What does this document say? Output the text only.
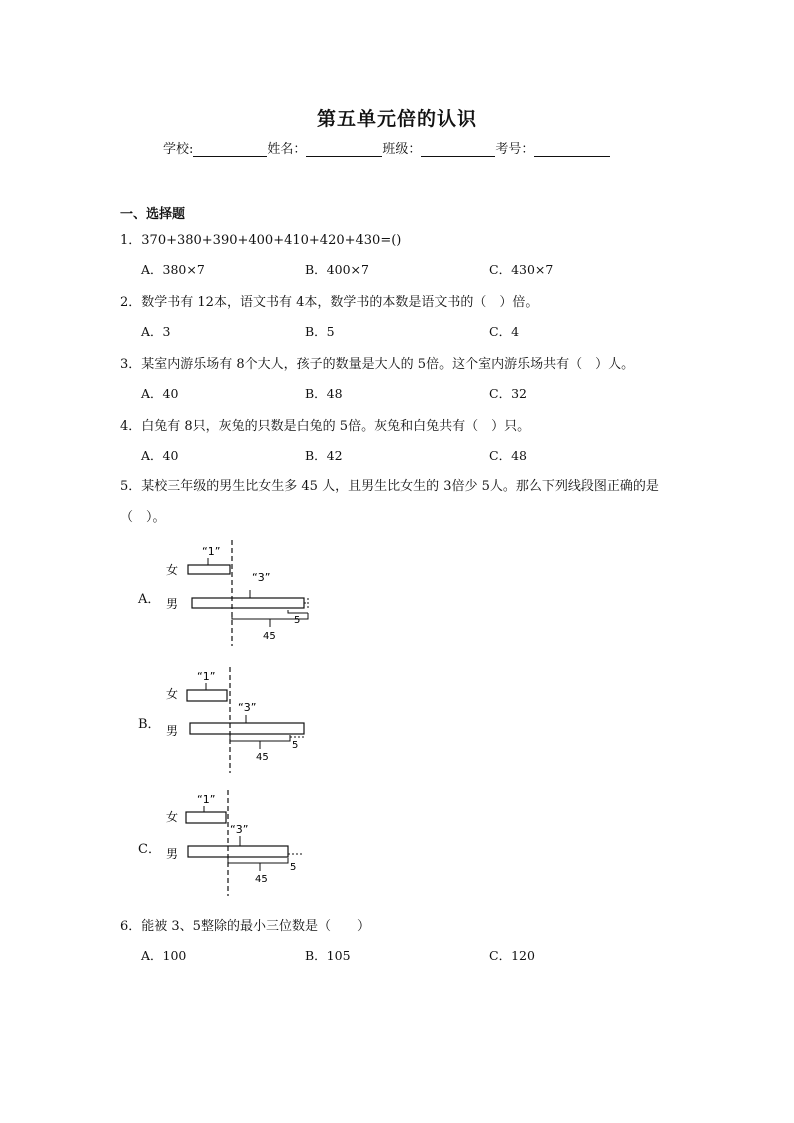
第五单元倍的认识
学校:	姓名：	班级：	考号：
一、选择题
1．370+380+390+400+410+420+430=()
A．380×7	B．400×7	C．430×7
2．数学书有 12本，语文书有 4本，数学书的本数是语文书的（　）倍。
A．3	B．5	C．4
3．某室内游乐场有 8个大人，孩子的数量是大人的 5倍。这个室内游乐场共有（　）人。
A．40	B．48	C．32
4．白兔有 8只，灰兔的只数是白兔的 5倍。灰兔和白兔共有（　）只。
A．40	B．42	C．48
5．某校三年级的男生比女生多 45 人，且男生比女生的 3倍少 5人。那么下列线段图正确的是（　）。
A．
“1”
女
“3”
男
5
45
B．
“1”
女
“3”
男
5
45
C．
“1”
女
“3”
男
5
45
6．能被 3、5整除的最小三位数是（　　）
A．100	B．105	C．120
